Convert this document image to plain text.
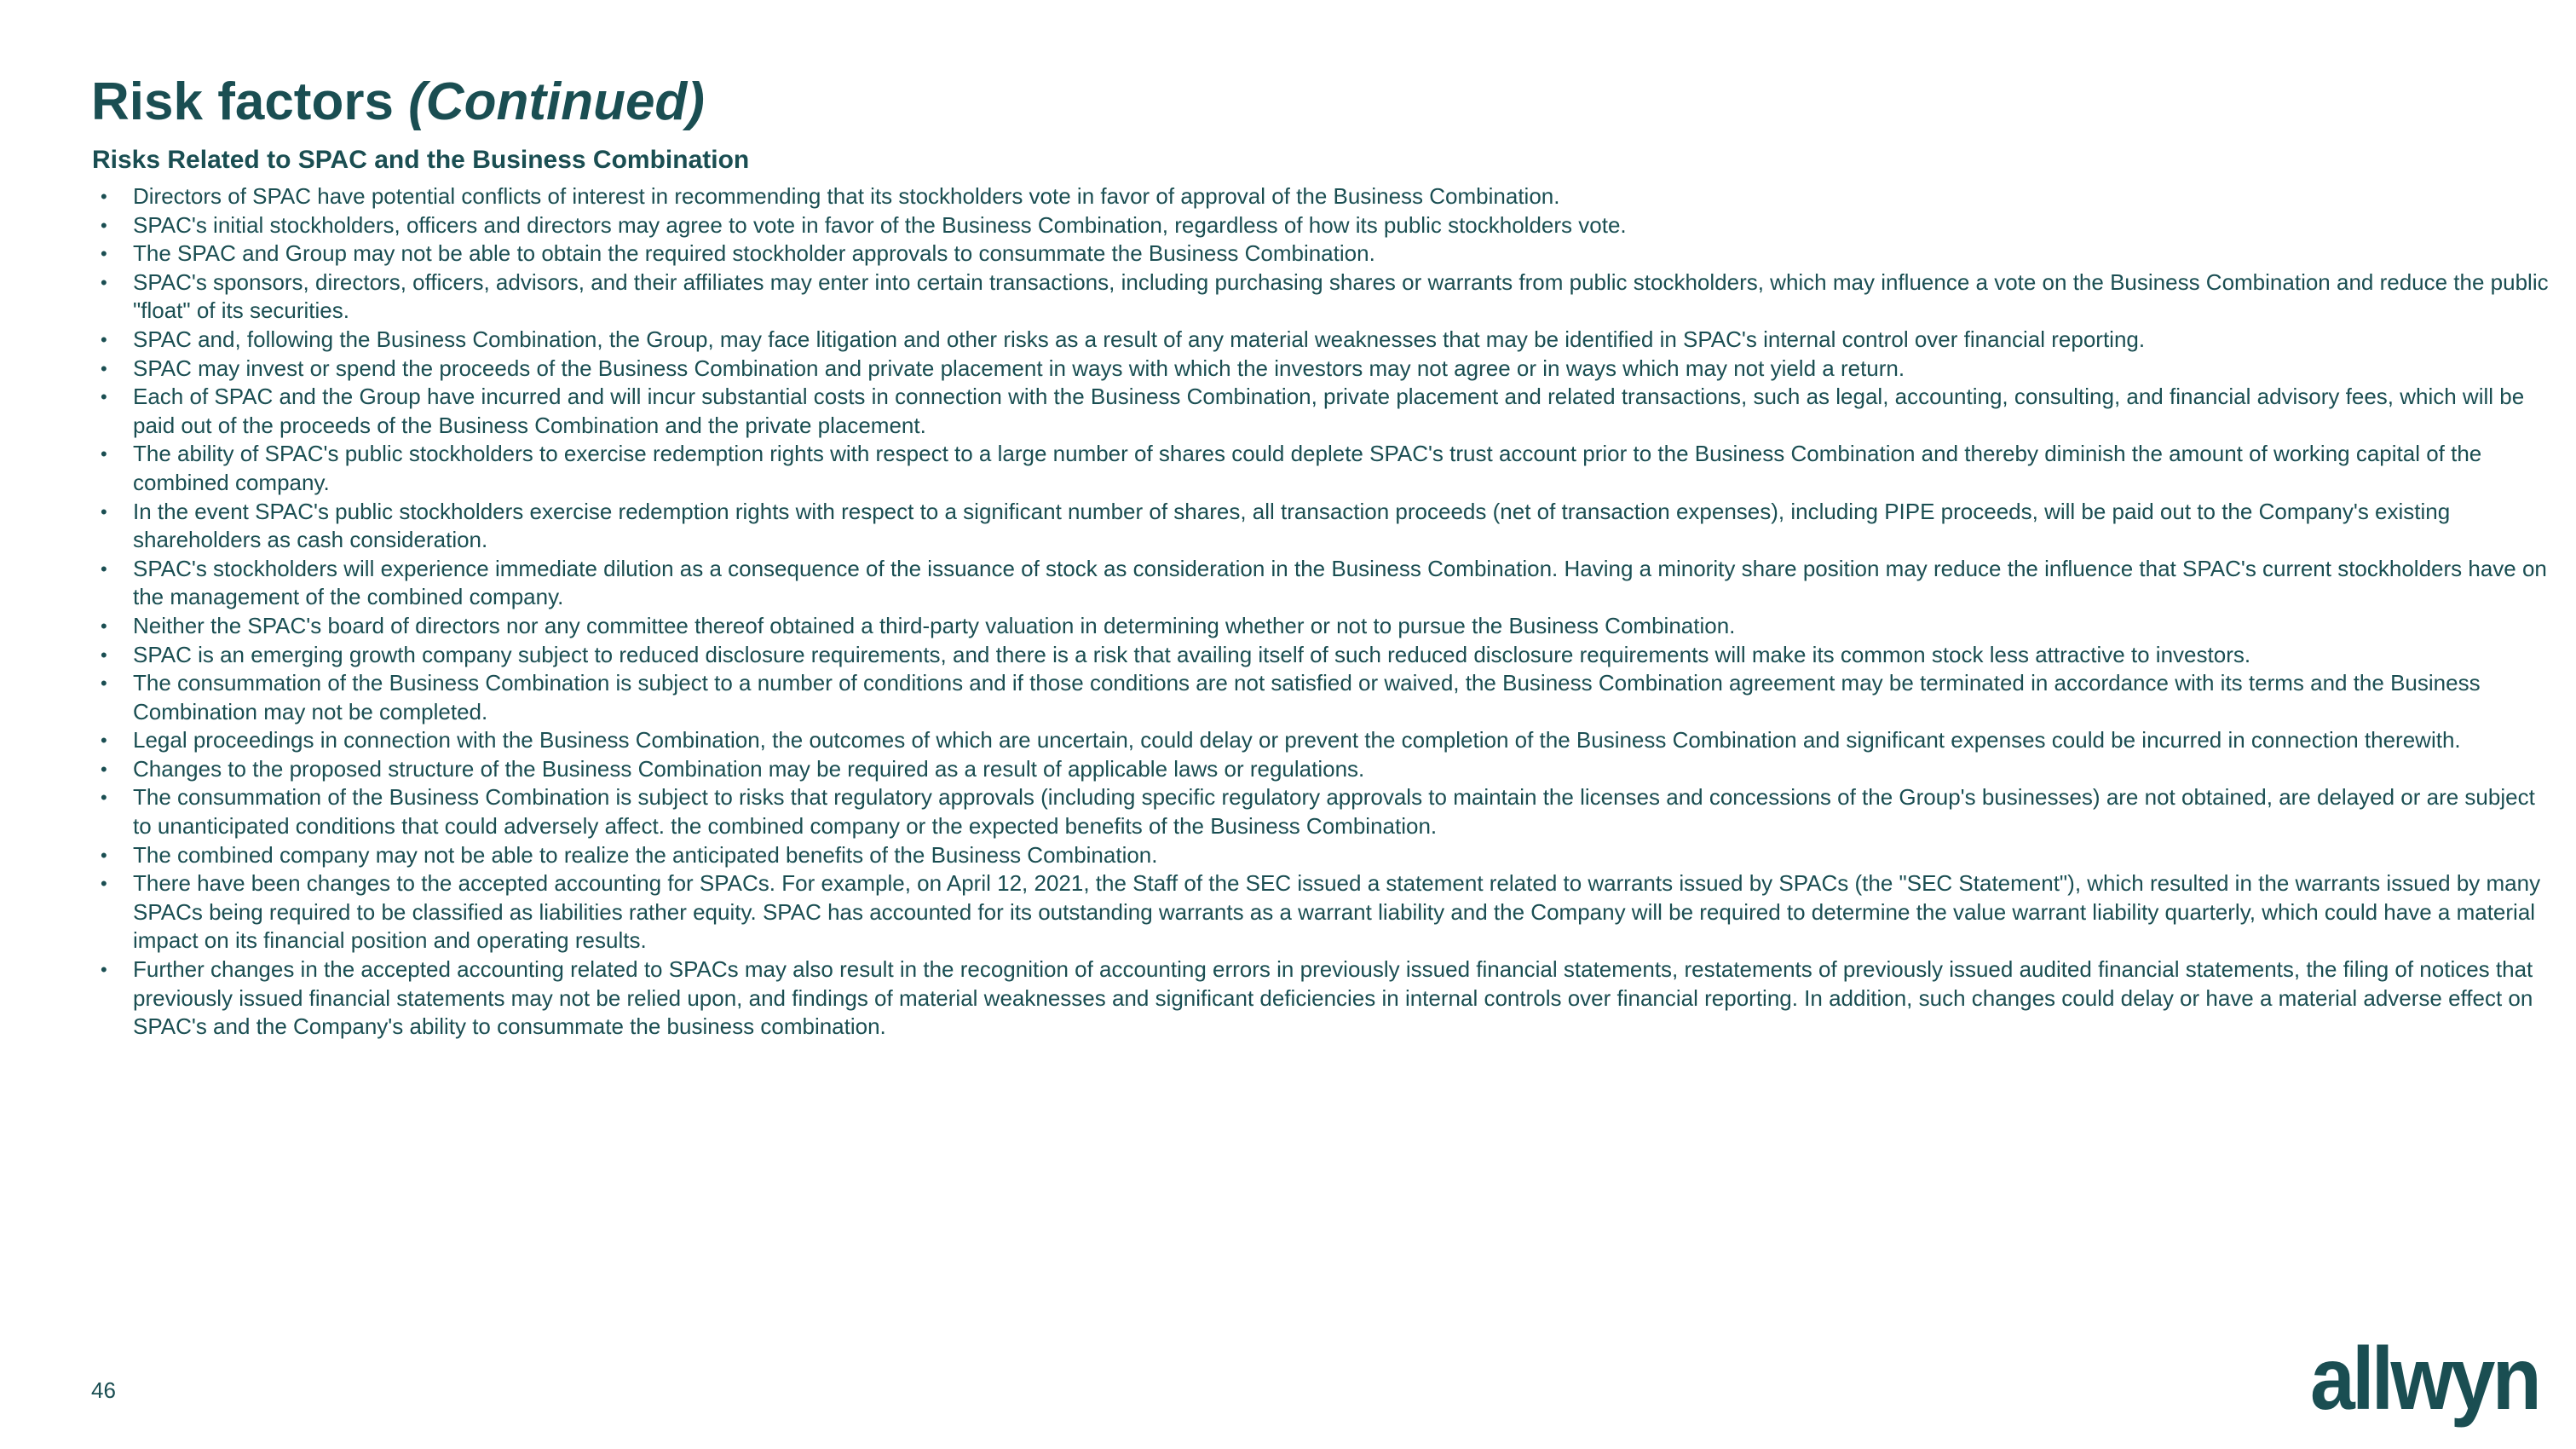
Risk factors (Continued)
Risks Related to SPAC and the Business Combination
• Directors of SPAC have potential conflicts of interest in recommending that its stockholders vote in favor of approval of the Business Combination.
• SPAC's initial stockholders, officers and directors may agree to vote in favor of the Business Combination, regardless of how its public stockholders vote.
• The SPAC and Group may not be able to obtain the required stockholder approvals to consummate the Business Combination.
• SPAC's sponsors, directors, officers, advisors, and their affiliates may enter into certain transactions, including purchasing shares or warrants from public stockholders, which may influence a vote on the Business Combination and reduce the public "float" of its securities.
• SPAC and, following the Business Combination, the Group, may face litigation and other risks as a result of any material weaknesses that may be identified in SPAC's internal control over financial reporting.
• SPAC may invest or spend the proceeds of the Business Combination and private placement in ways with which the investors may not agree or in ways which may not yield a return.
• Each of SPAC and the Group have incurred and will incur substantial costs in connection with the Business Combination, private placement and related transactions, such as legal, accounting, consulting, and financial advisory fees, which will be paid out of the proceeds of the Business Combination and the private placement.
• The ability of SPAC's public stockholders to exercise redemption rights with respect to a large number of shares could deplete SPAC's trust account prior to the Business Combination and thereby diminish the amount of working capital of the combined company.
• In the event SPAC's public stockholders exercise redemption rights with respect to a significant number of shares, all transaction proceeds (net of transaction expenses), including PIPE proceeds, will be paid out to the Company's existing shareholders as cash consideration.
• SPAC's stockholders will experience immediate dilution as a consequence of the issuance of stock as consideration in the Business Combination. Having a minority share position may reduce the influence that SPAC's current stockholders have on the management of the combined company.
• Neither the SPAC's board of directors nor any committee thereof obtained a third-party valuation in determining whether or not to pursue the Business Combination.
• SPAC is an emerging growth company subject to reduced disclosure requirements, and there is a risk that availing itself of such reduced disclosure requirements will make its common stock less attractive to investors.
• The consummation of the Business Combination is subject to a number of conditions and if those conditions are not satisfied or waived, the Business Combination agreement may be terminated in accordance with its terms and the Business Combination may not be completed.
• Legal proceedings in connection with the Business Combination, the outcomes of which are uncertain, could delay or prevent the completion of the Business Combination and significant expenses could be incurred in connection therewith.
• Changes to the proposed structure of the Business Combination may be required as a result of applicable laws or regulations.
• The consummation of the Business Combination is subject to risks that regulatory approvals (including specific regulatory approvals to maintain the licenses and concessions of the Group's businesses) are not obtained, are delayed or are subject to unanticipated conditions that could adversely affect. the combined company or the expected benefits of the Business Combination.
• The combined company may not be able to realize the anticipated benefits of the Business Combination.
• There have been changes to the accepted accounting for SPACs. For example, on April 12, 2021, the Staff of the SEC issued a statement related to warrants issued by SPACs (the "SEC Statement"), which resulted in the warrants issued by many SPACs being required to be classified as liabilities rather equity. SPAC has accounted for its outstanding warrants as a warrant liability and the Company will be required to determine the value warrant liability quarterly, which could have a material impact on its financial position and operating results.
• Further changes in the accepted accounting related to SPACs may also result in the recognition of accounting errors in previously issued financial statements, restatements of previously issued audited financial statements, the filing of notices that previously issued financial statements may not be relied upon, and findings of material weaknesses and significant deficiencies in internal controls over financial reporting. In addition, such changes could delay or have a material adverse effect on SPAC's and the Company's ability to consummate the business combination.
46	allwyn
